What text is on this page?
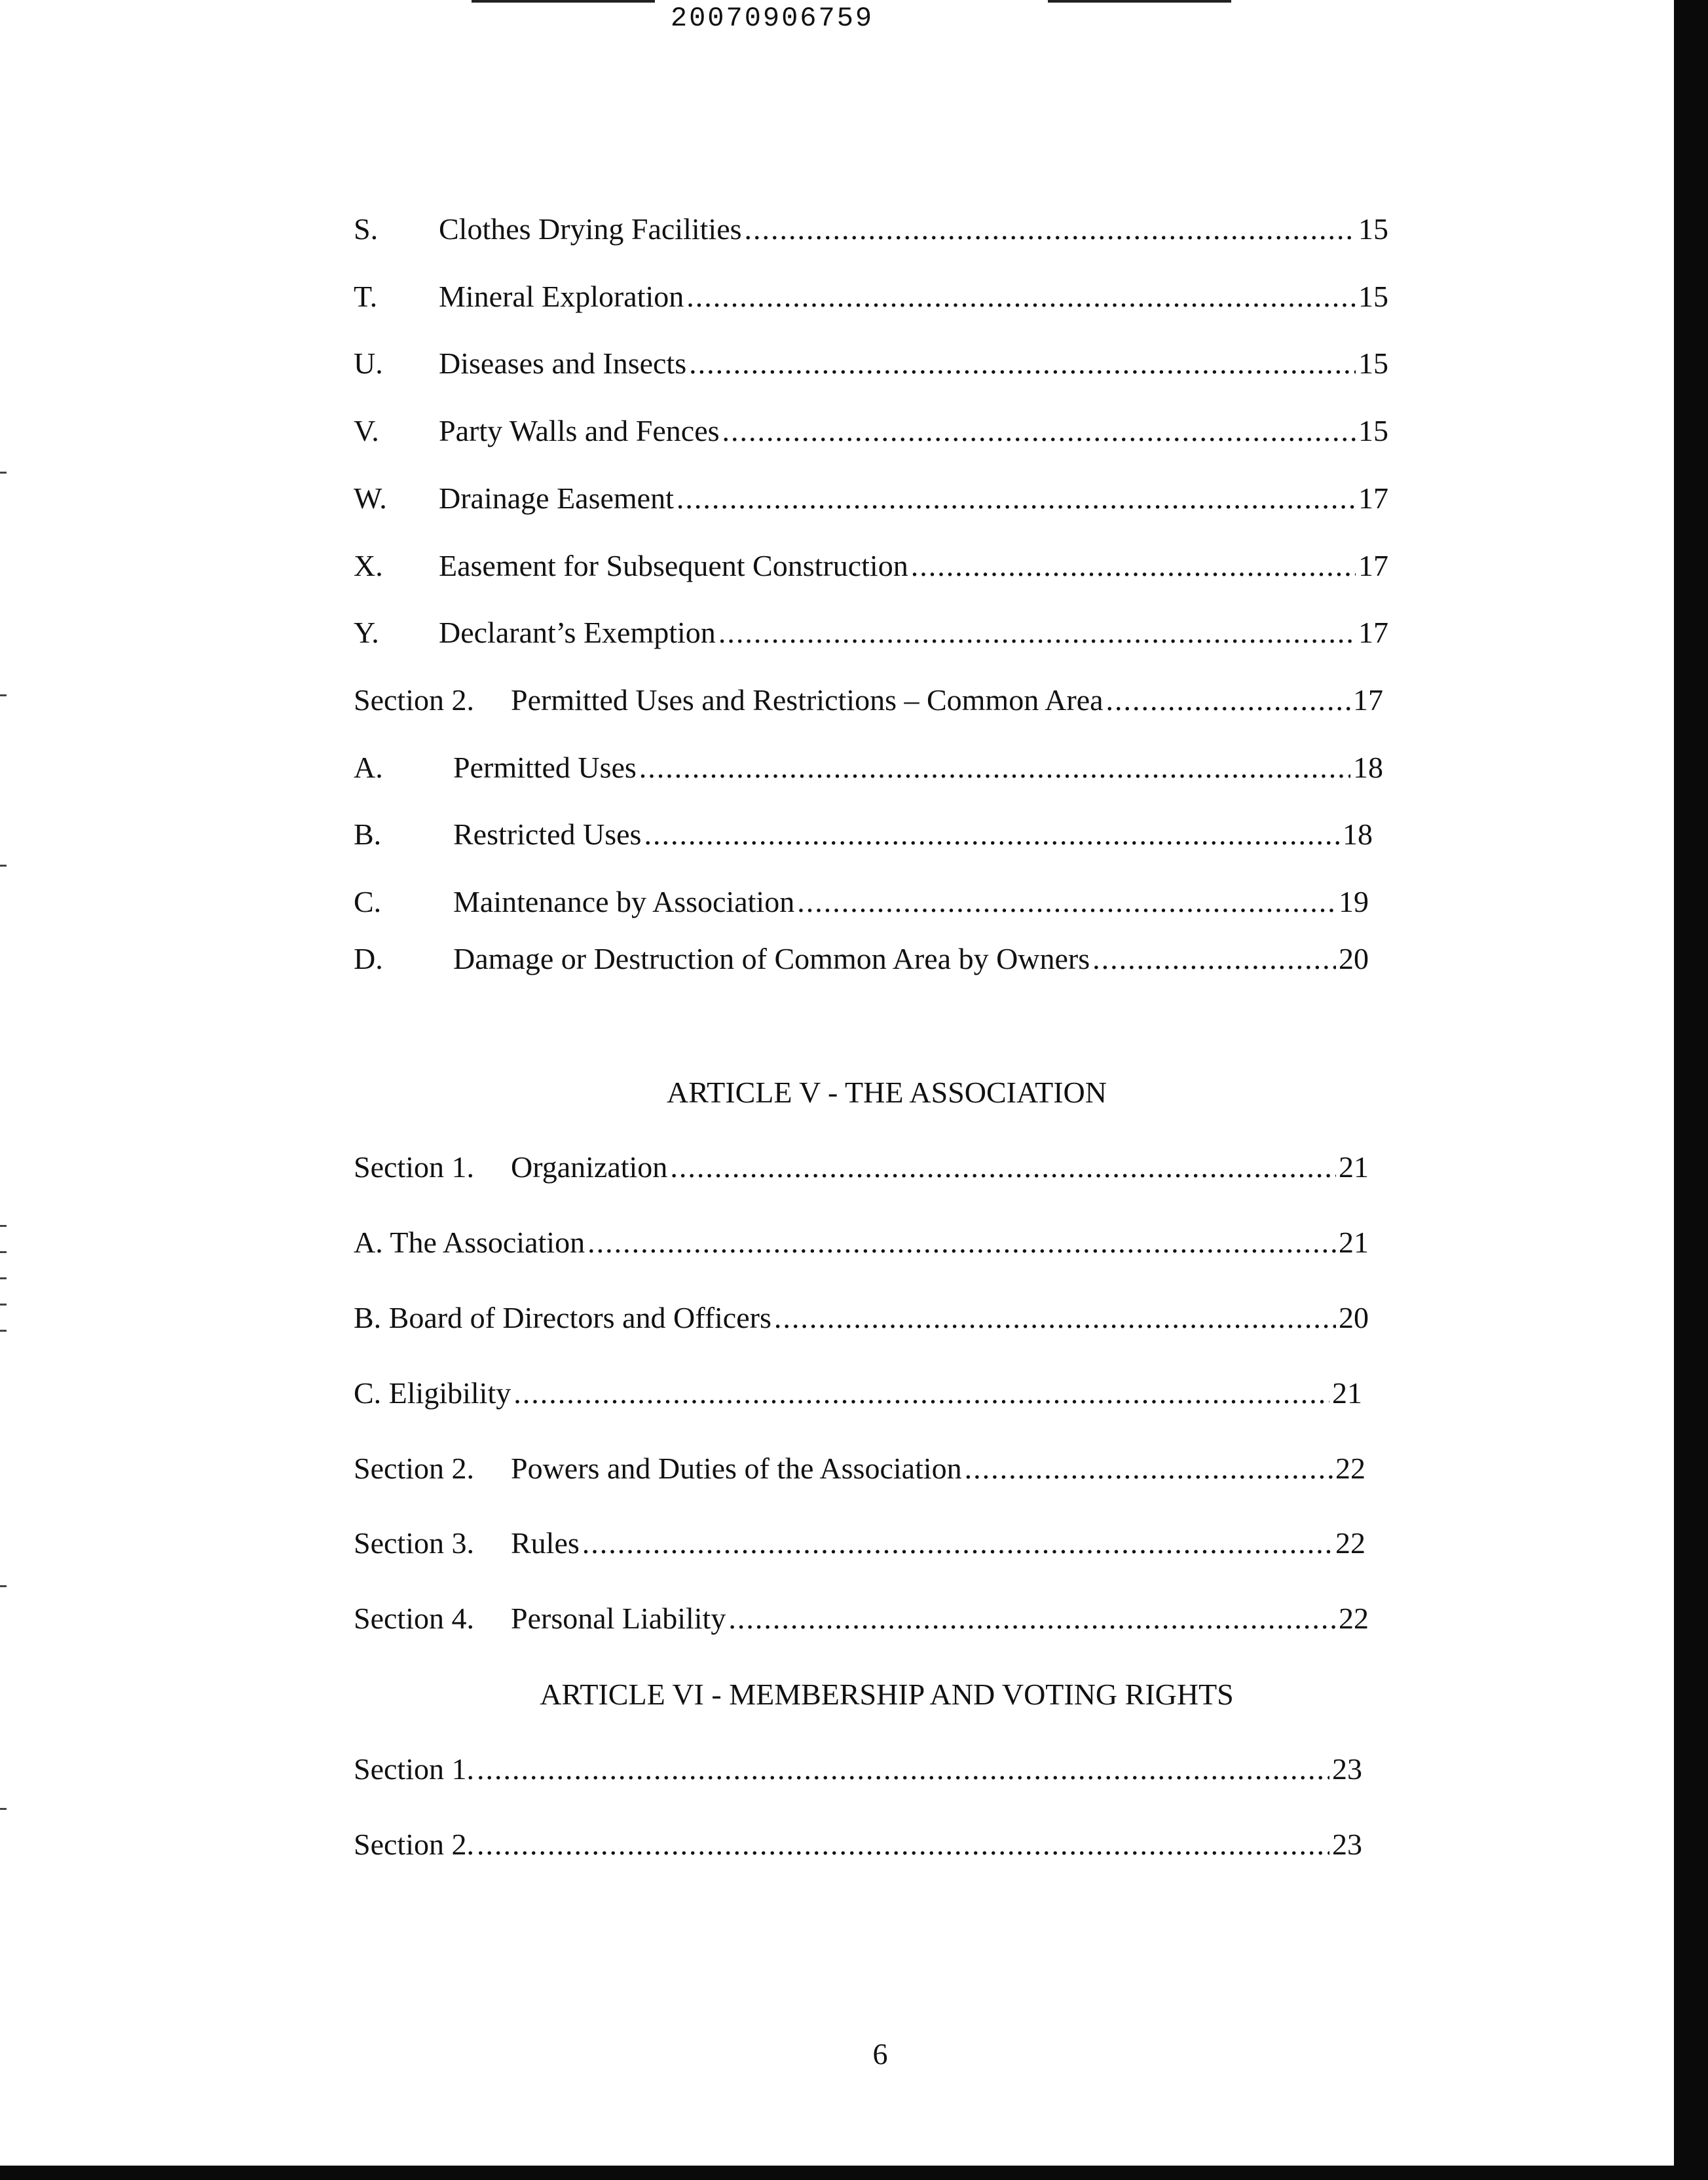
20070906759
S.	Clothes Drying Facilities .....	15
T.	Mineral Exploration .....	15
U.	Diseases and Insects .....	15
V.	Party Walls and Fences .....	15
W.	Drainage Easement .....	17
X.	Easement for Subsequent Construction .....	17
Y.	Declarant’s Exemption .....	17
Section 2.	Permitted Uses and Restrictions – Common Area .....	17
A.	Permitted Uses .....	18
B.	Restricted Uses .....	18
C.	Maintenance by Association .....	19
D.	Damage or Destruction of Common Area by Owners .....	20
ARTICLE V - THE ASSOCIATION
Section 1.	Organization .....	21
A. The Association .....	21
B. Board of Directors and Officers .....	20
C. Eligibility .....	21
Section 2.	Powers and Duties of the Association .....	22
Section 3.	Rules .....	22
Section 4.	Personal Liability .....	22
ARTICLE VI - MEMBERSHIP AND VOTING RIGHTS
Section 1. .....	23
Section 2. .....	23
6
